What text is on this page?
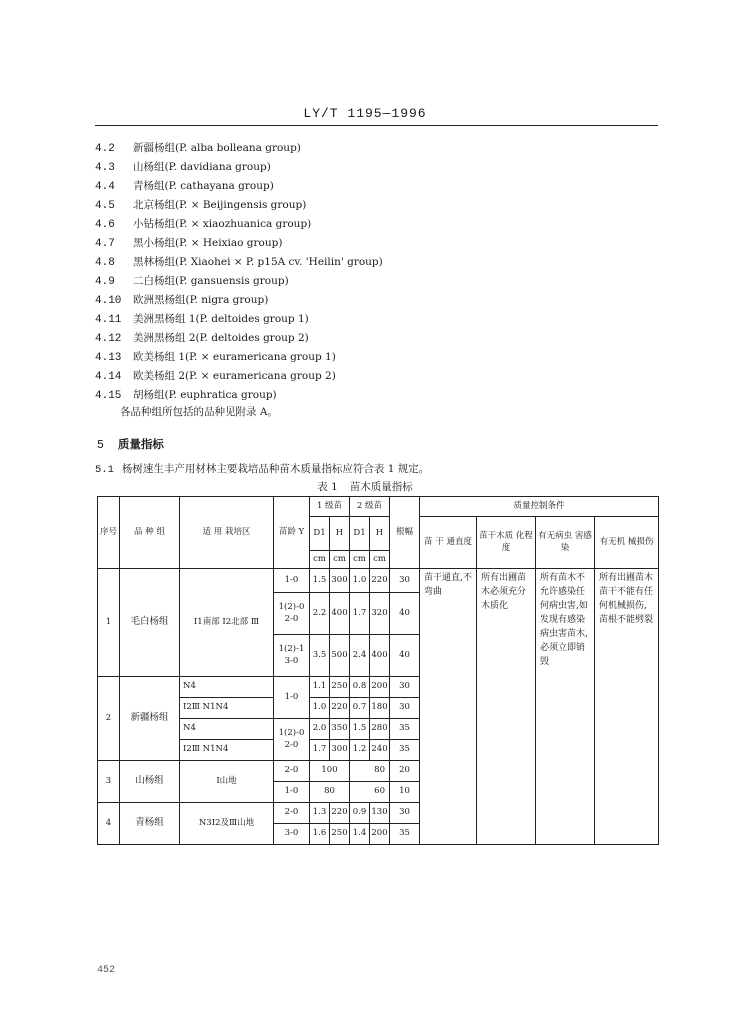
LY/T 1195—1996
4.2 新疆杨组(P. alba bolleana group)
4.3 山杨组(P. davidiana group)
4.4 青杨组(P. cathayana group)
4.5 北京杨组(P. × Beijingensis group)
4.6 小钻杨组(P. × xiaozhuanica group)
4.7 黑小杨组(P. × Heixiao group)
4.8 黑林杨组(P. Xiaohei × P. p15A cv. 'Heilin' group)
4.9 二白杨组(P. gansuensis group)
4.10 欧洲黑杨组(P. nigra group)
4.11 美洲黑杨组 1(P. deltoides group 1)
4.12 美洲黑杨组 2(P. deltoides group 2)
4.13 欧美杨组 1(P. × euramericana group 1)
4.14 欧美杨组 2(P. × euramericana group 2)
4.15 胡杨组(P. euphratica group)
各品种组所包括的品种见附录 A。
5 质量指标
5.1 杨树速生丰产用材林主要栽培品种苗木质量指标应符合表 1 规定。
表 1 苗木质量指标
序号	品 种 组	适 用 栽培区	苗龄 Y	1 级苗		2 级苗		根幅	质量控制条件			
				D1	H	D1	H		苗 干 通直度	苗干木质 化程度	有无病虫 害感染	有无机 械损伤
				cm	cm	cm	cm					
1	毛白杨组	Ⅰ1南部 Ⅰ2北部 Ⅲ	1-0	1.5	300	1.0	220	30	苗干通直,不弯曲	所有出圃苗木必须充分木质化	所有苗木不允许感染任何病虫害,如发现有感染病虫害苗木,必须立即销毁	所有出圃苗木苗干不能有任何机械损伤,苗根不能劈裂
			1(2)-0 2-0	2.2	400	1.7	320	40				
			1(2)-1 3-0	3.5	500	2.4	400	40				
2	新疆杨组	N4	1-0	1.1	250	0.8	200	30				
		Ⅰ2Ⅲ N1N4		1.0	220	0.7	180	30				
		N4	1(2)-0 2-0	2.0	350	1.5	280	35				
		Ⅰ2Ⅲ N1N4		1.7	300	1.2	240	35				
3	山杨组	Ⅰ山地	2-0	100		80		20				
			1-0	80		60		10				
4	青杨组	N3Ⅰ2及Ⅲ山地	2-0	1.3	220	0.9	130	30				
			3-0	1.6	250	1.4	200	35				
452
